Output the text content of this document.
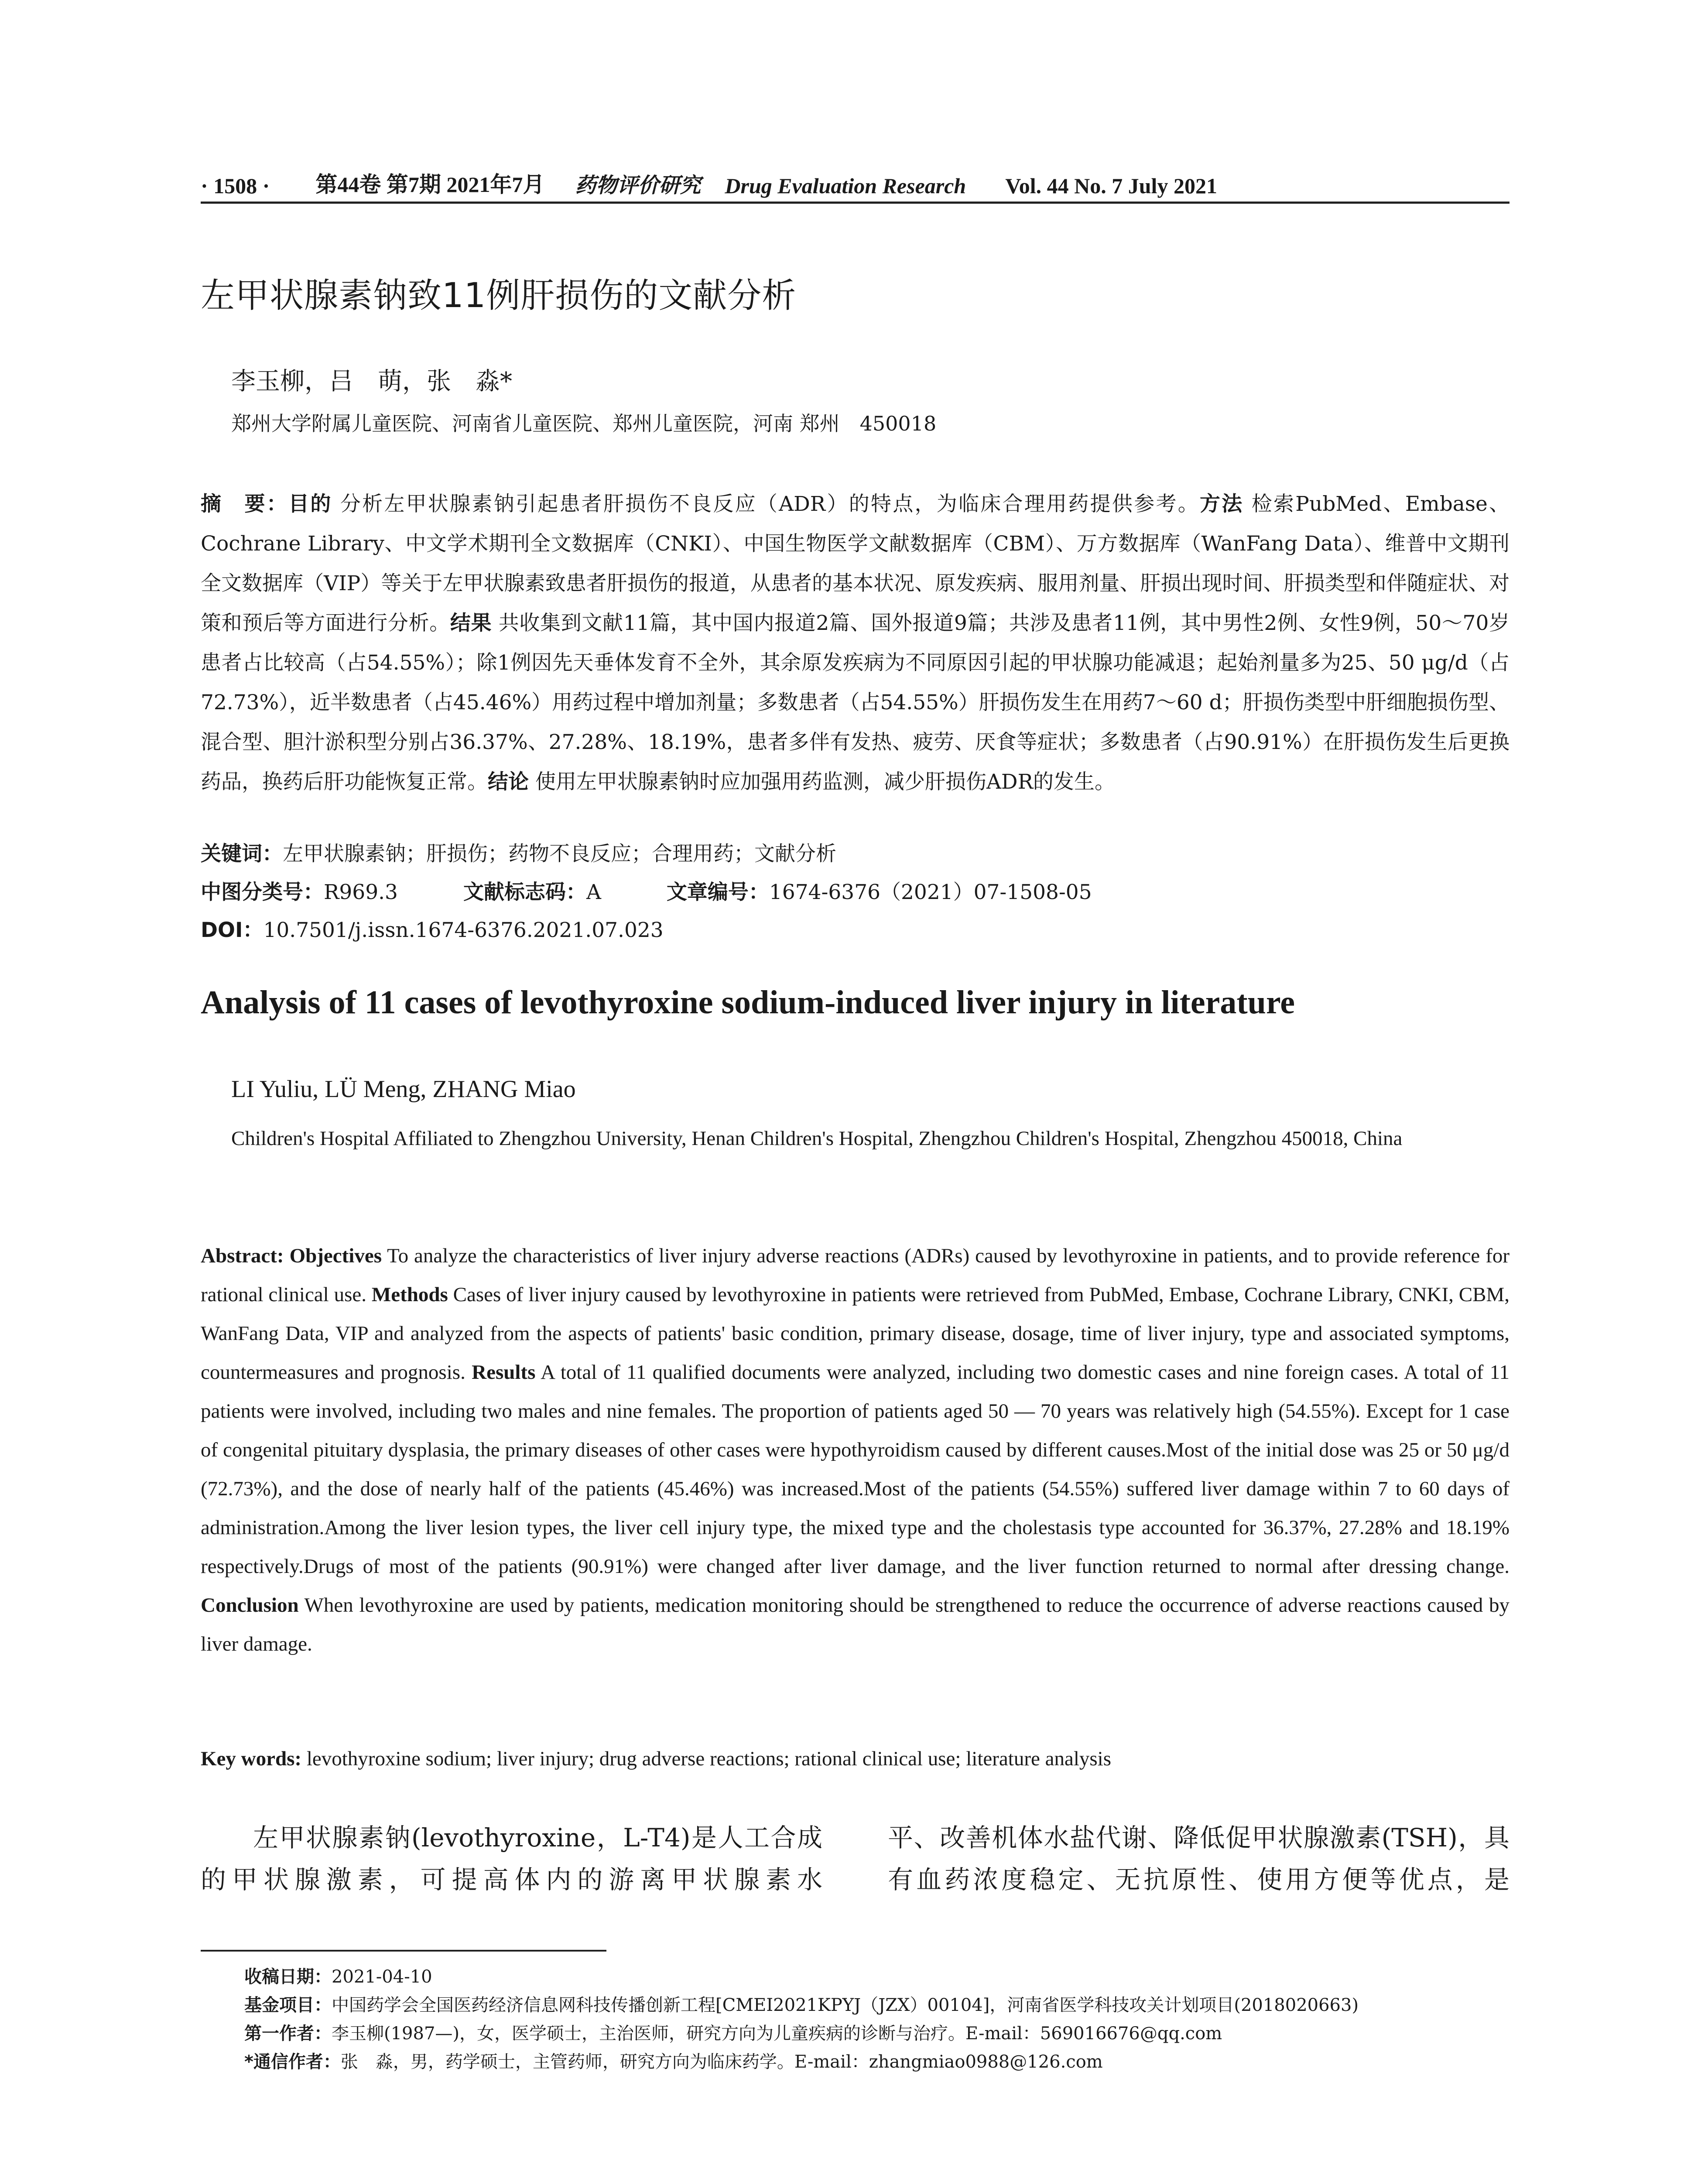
· 1508 · 第44卷 第7期 2021年7月 药物评价研究 Drug Evaluation Research Vol. 44 No. 7 July 2021
左甲状腺素钠致11例肝损伤的文献分析
李玉柳，吕　萌，张　淼*
郑州大学附属儿童医院、河南省儿童医院、郑州儿童医院，河南 郑州　450018

摘　要：目的 分析左甲状腺素钠引起患者肝损伤不良反应（ADR）的特点，为临床合理用药提供参考。方法 检索PubMed、Embase、Cochrane Library、中文学术期刊全文数据库（CNKI）、中国生物医学文献数据库（CBM）、万方数据库（WanFang Data）、维普中文期刊全文数据库（VIP）等关于左甲状腺素致患者肝损伤的报道，从患者的基本状况、原发疾病、服用剂量、肝损出现时间、肝损类型和伴随症状、对策和预后等方面进行分析。结果 共收集到文献11篇，其中国内报道2篇、国外报道9篇；共涉及患者11例，其中男性2例、女性9例，50～70岁患者占比较高（占54.55%）；除1例因先天垂体发育不全外，其余原发疾病为不同原因引起的甲状腺功能减退；起始剂量多为25、50 μg/d（占72.73%），近半数患者（占45.46%）用药过程中增加剂量；多数患者（占54.55%）肝损伤发生在用药7～60 d；肝损伤类型中肝细胞损伤型、混合型、胆汁淤积型分别占36.37%、27.28%、18.19%，患者多伴有发热、疲劳、厌食等症状；多数患者（占90.91%）在肝损伤发生后更换药品，换药后肝功能恢复正常。结论 使用左甲状腺素钠时应加强用药监测，减少肝损伤ADR的发生。

关键词：左甲状腺素钠；肝损伤；药物不良反应；合理用药；文献分析
中图分类号：R969.3	文献标志码：A	文章编号：1674-6376（2021）07-1508-05
DOI：10.7501/j.issn.1674-6376.2021.07.023
Analysis of 11 cases of levothyroxine sodium-induced liver injury in literature
LI Yuliu, LÜ Meng, ZHANG Miao
Children's Hospital Affiliated to Zhengzhou University, Henan Children's Hospital, Zhengzhou Children's Hospital, Zhengzhou 450018, China

Abstract: Objectives To analyze the characteristics of liver injury adverse reactions (ADRs) caused by levothyroxine in patients, and to provide reference for rational clinical use. Methods Cases of liver injury caused by levothyroxine in patients were retrieved from PubMed, Embase, Cochrane Library, CNKI, CBM, WanFang Data, VIP and analyzed from the aspects of patients' basic condition, primary disease, dosage, time of liver injury, type and associated symptoms, countermeasures and prognosis. Results A total of 11 qualified documents were analyzed, including two domestic cases and nine foreign cases. A total of 11 patients were involved, including two males and nine females. The proportion of patients aged 50 — 70 years was relatively high (54.55%). Except for 1 case of congenital pituitary dysplasia, the primary diseases of other cases were hypothyroidism caused by different causes.Most of the initial dose was 25 or 50 μg/d (72.73%), and the dose of nearly half of the patients (45.46%) was increased.Most of the patients (54.55%) suffered liver damage within 7 to 60 days of administration.Among the liver lesion types, the liver cell injury type, the mixed type and the cholestasis type accounted for 36.37%, 27.28% and 18.19% respectively.Drugs of most of the patients (90.91%) were changed after liver damage, and the liver function returned to normal after dressing change. Conclusion When levothyroxine are used by patients, medication monitoring should be strengthened to reduce the occurrence of adverse reactions caused by liver damage.

Key words: levothyroxine sodium; liver injury; drug adverse reactions; rational clinical use; literature analysis

左甲状腺素钠(levothyroxine，L-T4)是人工合成的甲状腺激素，可提高体内的游离甲状腺素水

平、改善机体水盐代谢、降低促甲状腺激素(TSH)，具有血药浓度稳定、无抗原性、使用方便等优点，是

收稿日期：2021-04-10

基金项目：中国药学会全国医药经济信息网科技传播创新工程[CMEI2021KPYJ（JZX）00104]，河南省医学科技攻关计划项目(2018020663)

第一作者：李玉柳(1987—)，女，医学硕士，主治医师，研究方向为儿童疾病的诊断与治疗。E-mail：569016676@qq.com

*通信作者：张　淼，男，药学硕士，主管药师，研究方向为临床药学。E-mail：zhangmiao0988@126.com
